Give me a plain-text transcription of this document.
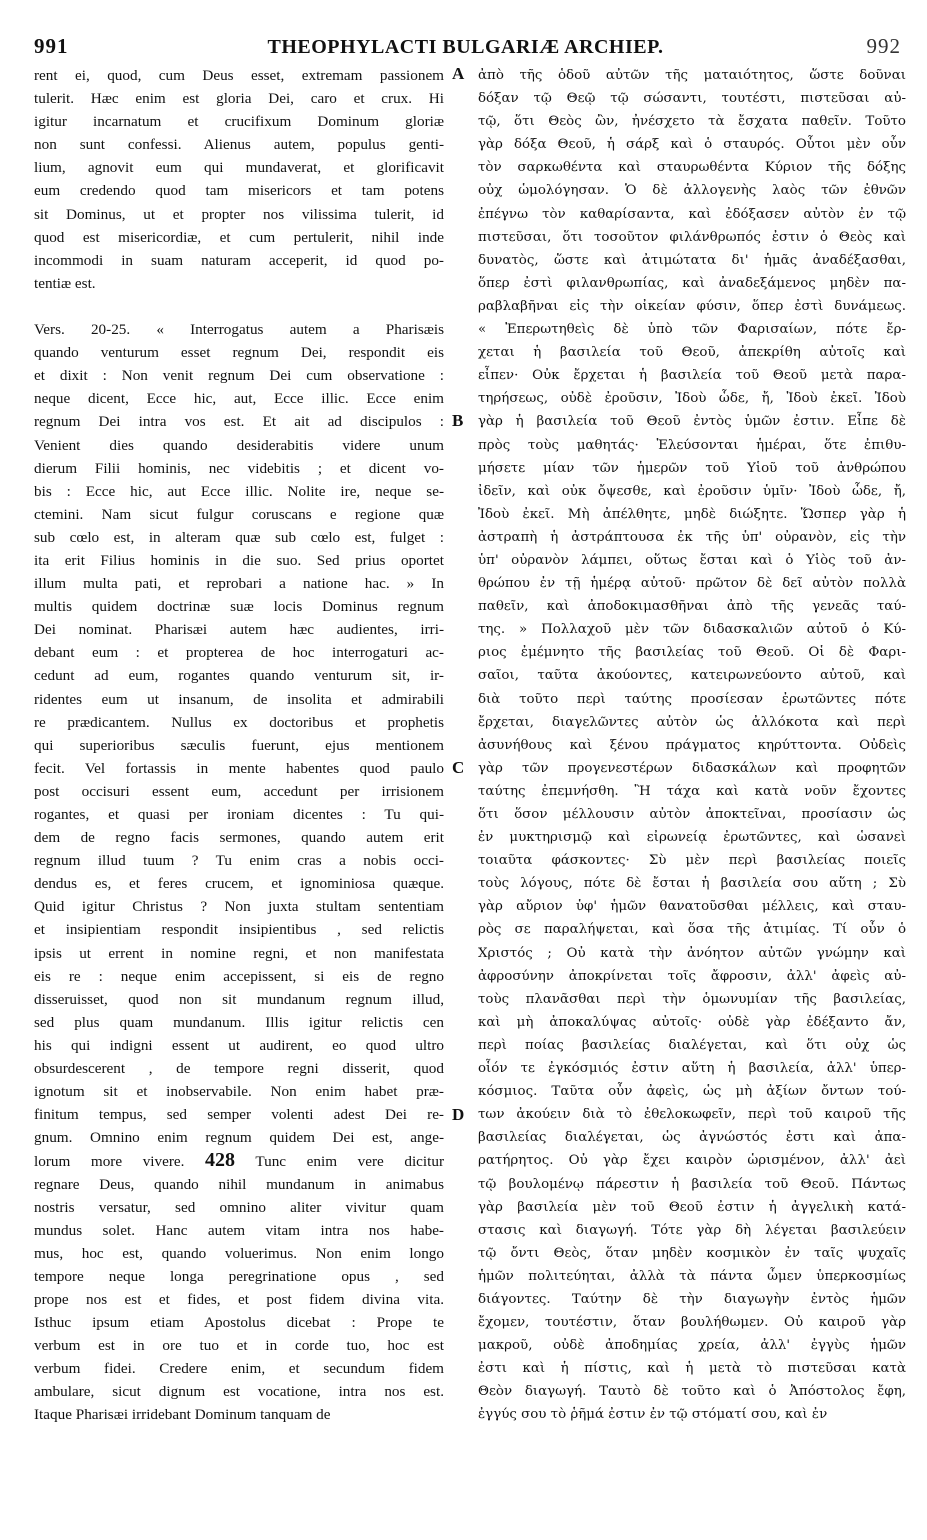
991	THEOPHYLACTI BULGARIÆ ARCHIEP.	992
rent ei, quod, cum Deus esset, extremam passionem
tulerit. Hæc enim est gloria Dei, caro et crux. Hi
igitur incarnatum et crucifixum Dominum gloriæ
non sunt confessi. Alienus autem, populus genti-
lium, agnovit eum qui mundaverat, et glorificavit
eum credendo quod tam misericors et tam potens
sit Dominus, ut et propter nos vilissima tulerit, id
quod est misericordiæ, et cum pertulerit, nihil inde
incommodi in suam naturam acceperit, id quod po-
tentiæ est.
Vers. 20-25. « Interrogatus autem a Pharisæis
quando venturum esset regnum Dei, respondit eis
et dixit : Non venit regnum Dei cum observatione :
neque dicent, Ecce hic, aut, Ecce illic. Ecce enim
regnum Dei intra vos est. Et ait ad discipulos :
Venient dies quando desiderabitis videre unum
dierum Filii hominis, nec videbitis ; et dicent vo-
bis : Ecce hic, aut Ecce illic. Nolite ire, neque se-
ctemini. Nam sicut fulgur coruscans e regione quæ
sub cœlo est, in alteram quæ sub cœlo est, fulget :
ita erit Filius hominis in die suo. Sed prius oportet
illum multa pati, et reprobari a natione hac. » In
multis quidem doctrinæ suæ locis Dominus regnum
Dei nominat. Pharisæi autem hæc audientes, irri-
debant eum : et propterea de hoc interrogaturi ac-
cedunt ad eum, rogantes quando venturum sit, ir-
ridentes eum ut insanum, de insolita et admirabili
re prædicantem. Nullus ex doctoribus et prophetis
qui superioribus sæculis fuerunt, ejus mentionem
fecit. Vel fortassis in mente habentes quod paulo
post occisuri essent eum, accedunt per irrisionem
rogantes, et quasi per ironiam dicentes : Tu qui-
dem de regno facis sermones, quando autem erit
regnum illud tuum ? Tu enim cras a nobis occi-
dendus es, et feres crucem, et ignominiosa quæque.
Quid igitur Christus ? Non juxta stultam sententiam
et insipientiam respondit insipientibus , sed relictis
ipsis ut errent in nomine regni, et non manifestata
eis re : neque enim accepissent, si eis de regno
disseruisset, quod non sit mundanum regnum illud,
sed plus quam mundanum. Illis igitur relictis cen
his qui indigni essent ut audirent, eo quod ultro
obsurdescerent , de tempore regni disserit, quod
ignotum sit et inobservabile. Non enim habet præ-
finitum tempus, sed semper volenti adest Dei re-
gnum. Omnino enim regnum quidem Dei est, ange-
lorum more vivere. 428 Tunc enim vere dicitur
regnare Deus, quando nihil mundanum in animabus
nostris versatur, sed omnino aliter vivitur quam
mundus solet. Hanc autem vitam intra nos habe-
mus, hoc est, quando voluerimus. Non enim longo
tempore neque longa peregrinatione opus , sed
prope nos est et fides, et post fidem divina vita.
Isthuc ipsum etiam Apostolus dicebat : Prope te
verbum est in ore tuo et in corde tuo, hoc est
verbum fidei. Credere enim, et secundum fidem
ambulare, sicut dignum est vocatione, intra nos est.
Itaque Pharisæi irridebant Dominum tanquam de
ἀπὸ τῆς ὁδοῦ αὐτῶν τῆς ματαιότητος, ὥστε δοῦναι
δόξαν τῷ Θεῷ τῷ σώσαντι, τουτέστι, πιστεῦσαι αὐ-
τῷ, ὅτι Θεὸς ὢν, ἠνέσχετο τὰ ἔσχατα παθεῖν. Τοῦτο
γὰρ δόξα Θεοῦ, ἡ σάρξ καὶ ὁ σταυρός. Οὗτοι μὲν οὖν
τὸν σαρκωθέντα καὶ σταυρωθέντα Κύριον τῆς δόξης
οὐχ ὡμολόγησαν. Ὁ δὲ ἀλλογενὴς λαὸς τῶν ἐθνῶν
ἐπέγνω τὸν καθαρίσαντα, καὶ ἐδόξασεν αὐτὸν ἐν τῷ
πιστεῦσαι, ὅτι τοσοῦτον φιλάνθρωπός ἐστιν ὁ Θεὸς καὶ
δυνατὸς, ὥστε καὶ ἀτιμώτατα δι' ἡμᾶς ἀναδέξασθαι,
ὅπερ ἐστὶ φιλανθρωπίας, καὶ ἀναδεξάμενος μηδὲν πα-
ραβλαβῆναι εἰς τὴν οἰκείαν φύσιν, ὅπερ ἐστὶ δυνάμεως.
« Ἐπερωτηθεὶς δὲ ὑπὸ τῶν Φαρισαίων, πότε ἔρ-
χεται ἡ βασιλεία τοῦ Θεοῦ, ἀπεκρίθη αὐτοῖς καὶ
εἶπεν· Οὐκ ἔρχεται ἡ βασιλεία τοῦ Θεοῦ μετὰ παρα-
τηρήσεως, οὐδὲ ἐροῦσιν, Ἰδοὺ ὧδε, ἤ, Ἰδοὺ ἐκεῖ. Ἰδοὺ
γὰρ ἡ βασιλεία τοῦ Θεοῦ ἐντὸς ὑμῶν ἐστιν. Εἶπε δὲ
πρὸς τοὺς μαθητάς· Ἐλεύσονται ἡμέραι, ὅτε ἐπιθυ-
μήσετε μίαν τῶν ἡμερῶν τοῦ Υἱοῦ τοῦ ἀνθρώπου
ἰδεῖν, καὶ οὐκ ὄψεσθε, καὶ ἐροῦσιν ὑμῖν· Ἰδοὺ ὧδε, ἤ,
Ἰδοὺ ἐκεῖ. Μὴ ἀπέλθητε, μηδὲ διώξητε. Ὥσπερ γὰρ ἡ
ἀστραπὴ ἡ ἀστράπτουσα ἐκ τῆς ὑπ' οὐρανὸν, εἰς τὴν
ὑπ' οὐρανὸν λάμπει, οὕτως ἔσται καὶ ὁ Υἱὸς τοῦ ἀν-
θρώπου ἐν τῇ ἡμέρᾳ αὐτοῦ· πρῶτον δὲ δεῖ αὐτὸν πολλὰ
παθεῖν, καὶ ἀποδοκιμασθῆναι ἀπὸ τῆς γενεᾶς ταύ-
της. » Πολλαχοῦ μὲν τῶν διδασκαλιῶν αὐτοῦ ὁ Κύ-
ριος ἐμέμνητο τῆς βασιλείας τοῦ Θεοῦ. Οἱ δὲ Φαρι-
σαῖοι, ταῦτα ἀκούοντες, κατειρωνεύοντο αὐτοῦ, καὶ
διὰ τοῦτο περὶ ταύτης προσίεσαν ἐρωτῶντες πότε
ἔρχεται, διαγελῶντες αὐτὸν ὡς ἀλλόκοτα καὶ περὶ
ἀσυνήθους καὶ ξένου πράγματος κηρύττοντα. Οὐδεὶς
γὰρ τῶν προγενεστέρων διδασκάλων καὶ προφητῶν
ταύτης ἐπεμνήσθη. Ἢ τάχα καὶ κατὰ νοῦν ἔχοντες
ὅτι ὅσον μέλλουσιν αὐτὸν ἀποκτεῖναι, προσίασιν ὡς
ἐν μυκτηρισμῷ καὶ εἰρωνείᾳ ἐρωτῶντες, καὶ ὡσανεὶ
τοιαῦτα φάσκοντες· Σὺ μὲν περὶ βασιλείας ποιεῖς
τοὺς λόγους, πότε δὲ ἔσται ἡ βασιλεία σου αὕτη ; Σὺ
γὰρ αὔριον ὑφ' ἡμῶν θανατοῦσθαι μέλλεις, καὶ σταυ-
ρὸς σε παραλήψεται, καὶ ὅσα τῆς ἀτιμίας. Τί οὖν ὁ
Χριστός ; Οὐ κατὰ τὴν ἀνόητον αὐτῶν γνώμην καὶ
ἀφροσύνην ἀποκρίνεται τοῖς ἄφροσιν, ἀλλ' ἀφεὶς αὐ-
τοὺς πλανᾶσθαι περὶ τὴν ὁμωνυμίαν τῆς βασιλείας,
καὶ μὴ ἀποκαλύψας αὐτοῖς· οὐδὲ γὰρ ἐδέξαντο ἄν,
περὶ ποίας βασιλείας διαλέγεται, καὶ ὅτι οὐχ ὡς
οἷόν τε ἐγκόσμιός ἐστιν αὕτη ἡ βασιλεία, ἀλλ' ὑπερ-
κόσμιος. Ταῦτα οὖν ἀφεὶς, ὡς μὴ ἀξίων ὄντων τού-
των ἀκούειν διὰ τὸ ἐθελοκωφεῖν, περὶ τοῦ καιροῦ τῆς
βασιλείας διαλέγεται, ὡς ἀγνώστός ἐστι καὶ ἀπα-
ρατήρητος. Οὐ γὰρ ἔχει καιρὸν ὡρισμένον, ἀλλ' ἀεὶ
τῷ βουλομένῳ πάρεστιν ἡ βασιλεία τοῦ Θεοῦ. Πάντως
γὰρ βασιλεία μὲν τοῦ Θεοῦ ἐστιν ἡ ἀγγελικὴ κατά-
στασις καὶ διαγωγή. Τότε γὰρ δὴ λέγεται βασιλεύειν
τῷ ὄντι Θεὸς, ὅταν μηδὲν κοσμικὸν ἐν ταῖς ψυχαῖς
ἡμῶν πολιτεύηται, ἀλλὰ τὰ πάντα ὦμεν ὑπερκοσμίως
διάγοντες. Ταύτην δὲ τὴν διαγωγὴν ἐντὸς ἡμῶν
ἔχομεν, τουτέστιν, ὅταν βουλήθωμεν. Οὐ καιροῦ γὰρ
μακροῦ, οὐδὲ ἀποδημίας χρεία, ἀλλ' ἐγγὺς ἡμῶν
ἐστι καὶ ἡ πίστις, καὶ ἡ μετὰ τὸ πιστεῦσαι κατὰ
Θεὸν διαγωγή. Ταυτὸ δὲ τοῦτο καὶ ὁ Ἀπόστολος ἔφη,
ἐγγύς σου τὸ ῥῆμά ἐστιν ἐν τῷ στόματί σου, καὶ ἐν
A
B
C
D
